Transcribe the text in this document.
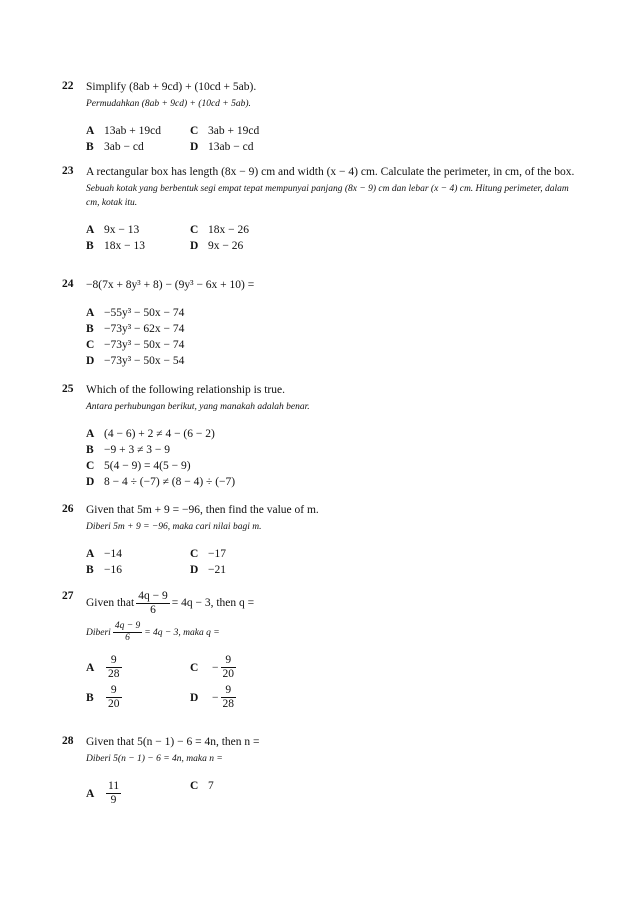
22 Simplify (8ab + 9cd) + (10cd + 5ab).
Permudahkan (8ab + 9cd) + (10cd + 5ab).
A 13ab + 19cd	C 3ab + 19cd
B 3ab − cd	D 13ab − cd
23 A rectangular box has length (8x − 9) cm and width (x − 4) cm. Calculate the perimeter, in cm, of the box.
Sebuah kotak yang berbentuk segi empat tepat mempunyai panjang (8x − 9) cm dan lebar (x − 4) cm. Hitung perimeter, dalam cm, kotak itu.
A 9x − 13	C 18x − 26
B 18x − 13	D 9x − 26
24 −8(7x + 8y³ + 8) − (9y³ − 6x + 10) =
A −55y³ − 50x − 74
B −73y³ − 62x − 74
C −73y³ − 50x − 74
D −73y³ − 50x − 54
25 Which of the following relationship is true.
Antara perhubungan berikut, yang manakah adalah benar.
A (4 − 6) + 2 ≠ 4 − (6 − 2)
B −9 + 3 ≠ 3 − 9
C 5(4 − 9) = 4(5 − 9)
D 8 − 4 ÷ (−7) ≠ (8 − 4) ÷ (−7)
26 Given that 5m + 9 = −96, then find the value of m.
Diberi 5m + 9 = −96, maka cari nilai bagi m.
A −14	C −17
B −16	D −21
27
Given that $\frac{4q - 9}{6} = 4q - 3$, then q =
Diberi $\frac{4q - 9}{6} = 4q - 3$, maka q =
A	$\frac{9}{28}$	C	− $\frac{9}{20}$
B	$\frac{9}{20}$	D	− $\frac{9}{28}$
28 Given that 5(n − 1) − 6 = 4n, then n =
Diberi 5(n − 1) − 6 = 4n, maka n =
A	$\frac{11}{9}$	C 7
